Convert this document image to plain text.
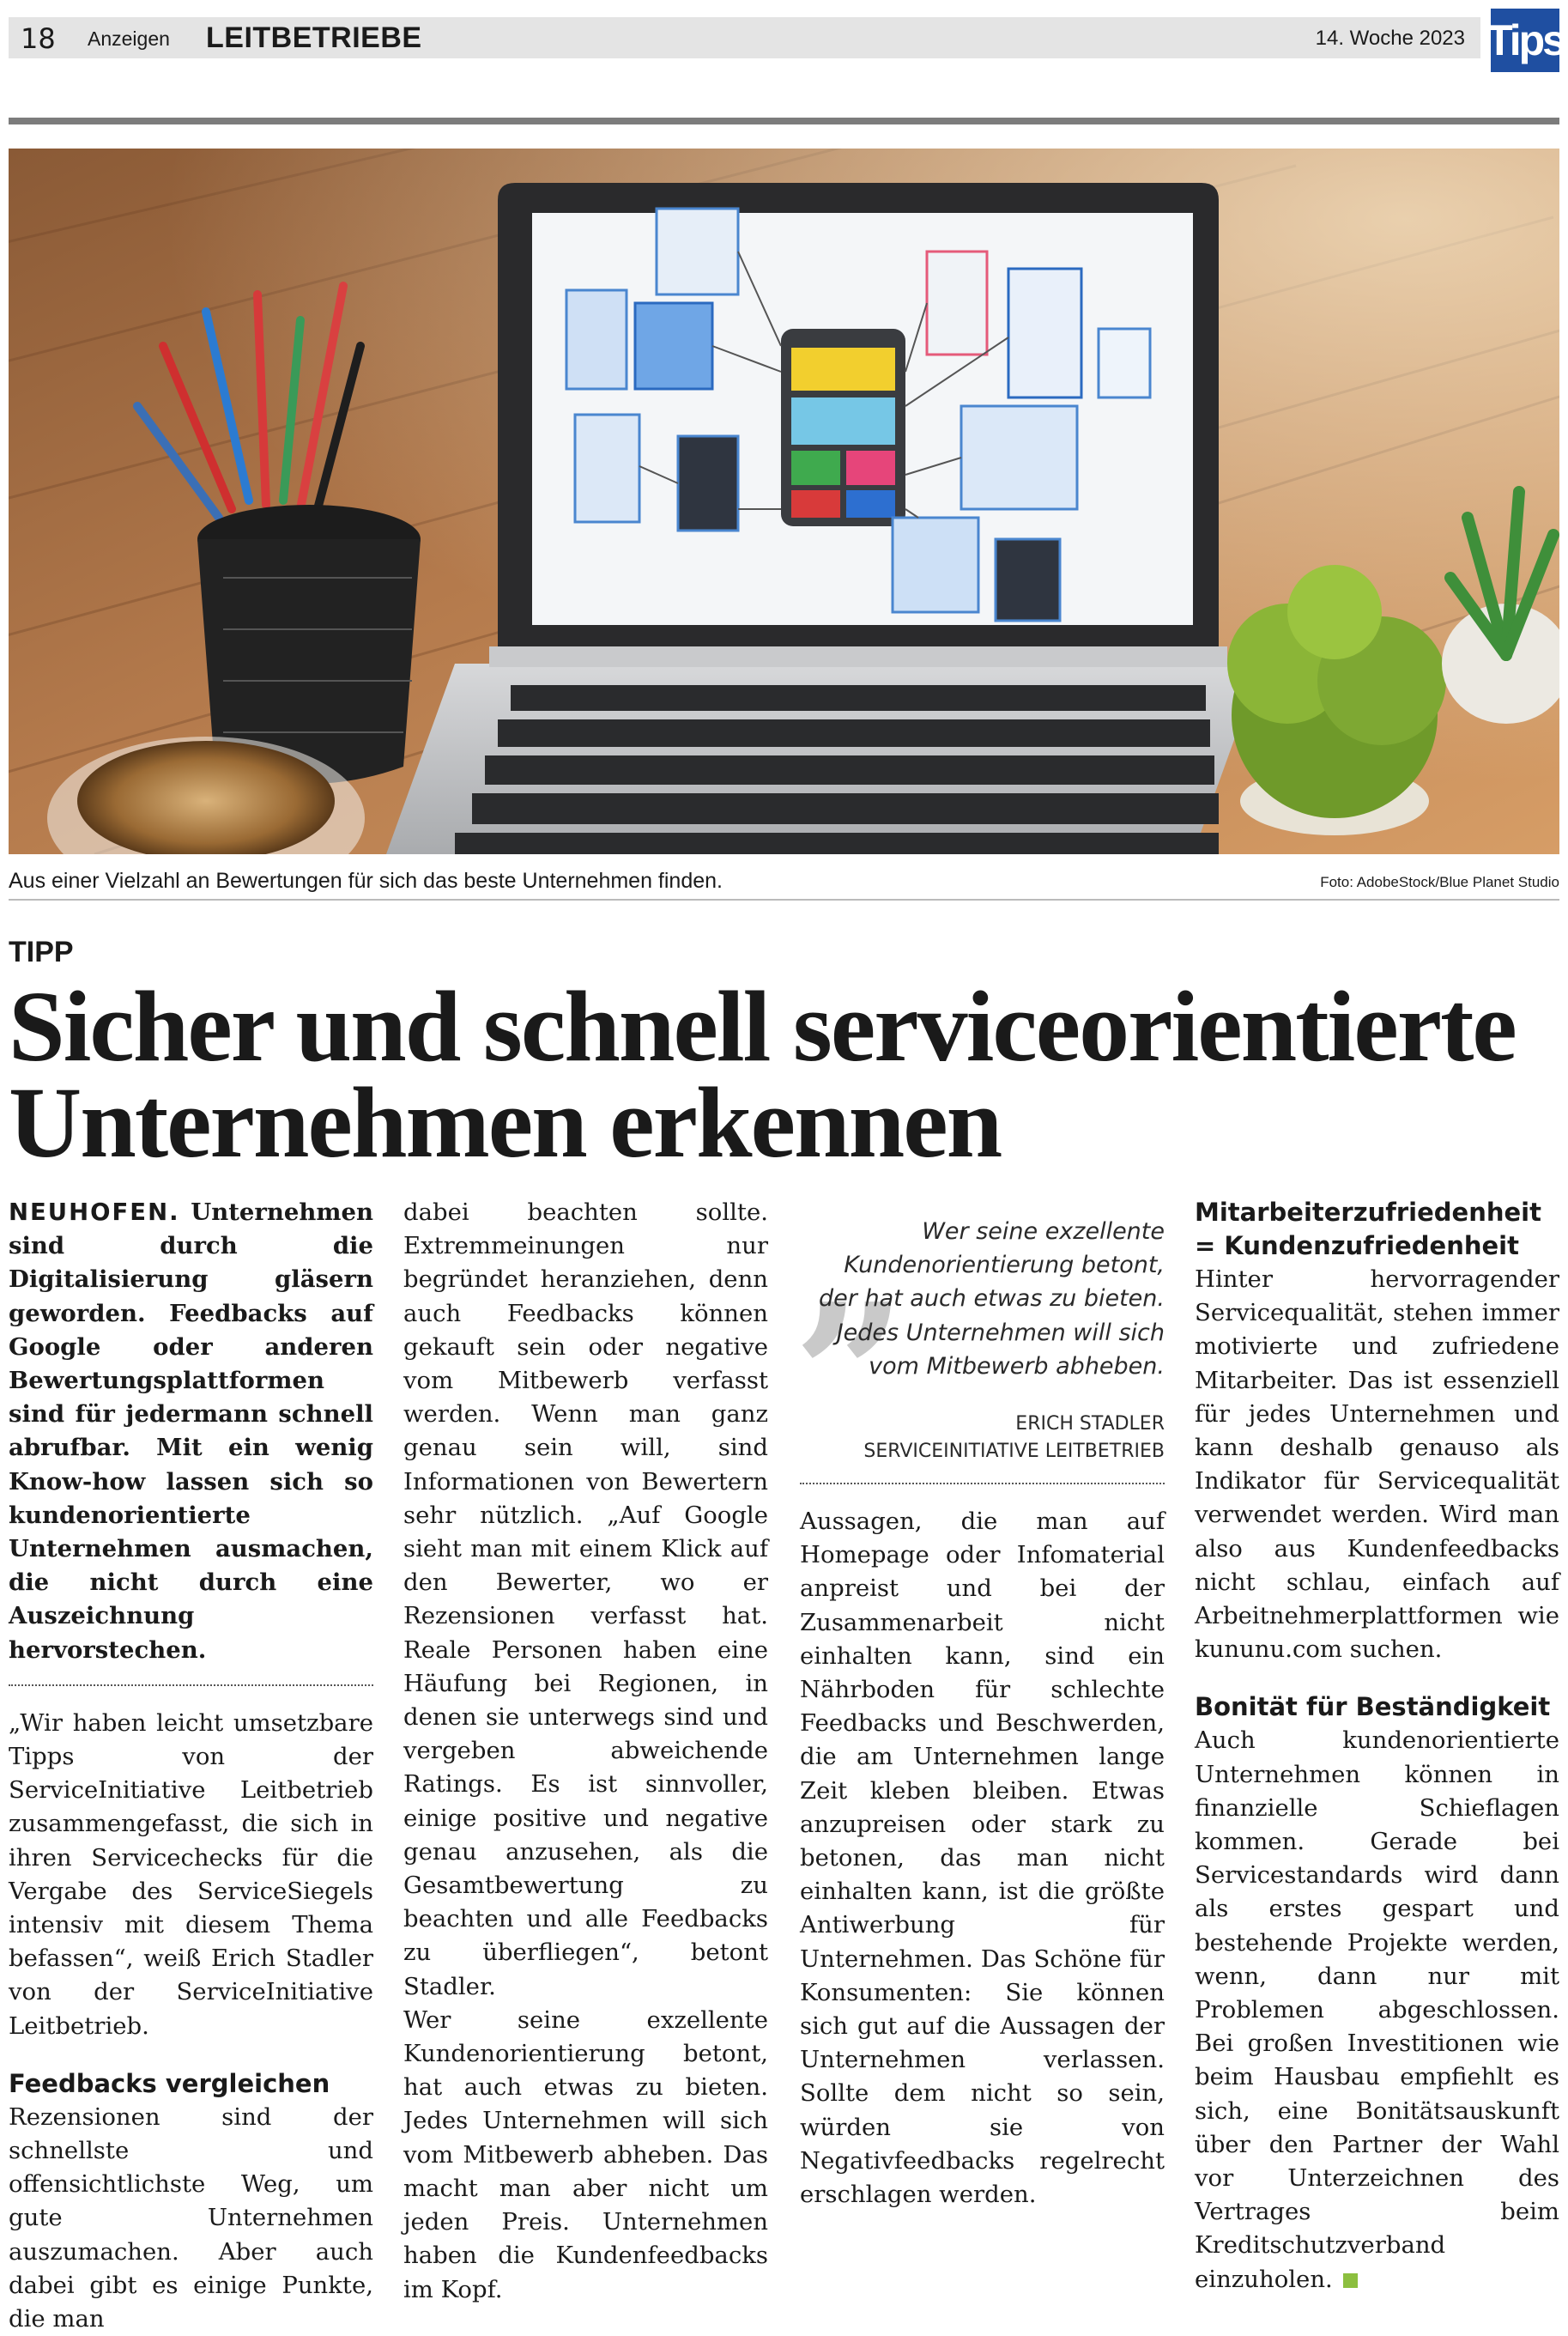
18 Anzeigen LEITBETRIEBE	14. Woche 2023 Tips
Aus einer Vielzahl an Bewertungen für sich das beste Unternehmen finden.	Foto: AdobeStock/Blue Planet Studio
TIPP
Sicher und schnell serviceorientierte Unternehmen erkennen

NEUHOFEN. Unternehmen sind durch die Digitalisierung gläsern geworden. Feedbacks auf Google oder anderen Bewertungsplattformen sind für jedermann schnell abrufbar. Mit ein wenig Know-how lassen sich so kundenorientierte Unternehmen ausmachen, die nicht durch eine Auszeichnung hervorstechen.

„Wir haben leicht umsetzbare Tipps von der ServiceInitiative Leitbetrieb zusammengefasst, die sich in ihren Servicechecks für die Vergabe des ServiceSiegels intensiv mit diesem Thema befassen“, weiß Erich Stadler von der ServiceInitiative Leitbetrieb.

Feedbacks vergleichen

Rezensionen sind der schnellste und offensichtlichste Weg, um gute Unternehmen auszumachen. Aber auch dabei gibt es einige Punkte, die man

dabei beachten sollte. Extremmeinungen nur begründet heranziehen, denn auch Feedbacks können gekauft sein oder negative vom Mitbewerb verfasst werden. Wenn man ganz genau sein will, sind Informationen von Bewertern sehr nützlich. „Auf Google sieht man mit einem Klick auf den Bewerter, wo er Rezensionen verfasst hat. Reale Personen haben eine Häufung bei Regionen, in denen sie unterwegs sind und vergeben abweichende Ratings. Es ist sinnvoller, einige positive und negative genau anzusehen, als die Gesamtbewertung zu beachten und alle Feedbacks zu überfliegen“, betont Stadler.

Wer seine exzellente Kundenorientierung betont, hat auch etwas zu bieten. Jedes Unternehmen will sich vom Mitbewerb abheben. Das macht man aber nicht um jeden Preis. Unternehmen haben die Kundenfeedbacks im Kopf.

„ Wer seine exzellente Kundenorientierung betont, der hat auch etwas zu bieten. Jedes Unternehmen will sich vom Mitbewerb abheben.
ERICH STADLER
SERVICEINITIATIVE LEITBETRIEB

Aussagen, die man auf Homepage oder Infomaterial anpreist und bei der Zusammenarbeit nicht einhalten kann, sind ein Nährboden für schlechte Feedbacks und Beschwerden, die am Unternehmen lange Zeit kleben bleiben. Etwas anzupreisen oder stark zu betonen, das man nicht einhalten kann, ist die größte Antiwerbung für Unternehmen. Das Schöne für Konsumenten: Sie können sich gut auf die Aussagen der Unternehmen verlassen. Sollte dem nicht so sein, würden sie von Negativfeedbacks regelrecht erschlagen werden.

Mitarbeiterzufriedenheit = Kundenzufriedenheit

Hinter hervorragender Servicequalität, stehen immer motivierte und zufriedene Mitarbeiter. Das ist essenziell für jedes Unternehmen und kann deshalb genauso als Indikator für Servicequalität verwendet werden. Wird man also aus Kundenfeedbacks nicht schlau, einfach auf Arbeitnehmerplattformen wie kununu.com suchen.

Bonität für Beständigkeit

Auch kundenorientierte Unternehmen können in finanzielle Schieflagen kommen. Gerade bei Servicestandards wird dann als erstes gespart und bestehende Projekte werden, wenn, dann nur mit Problemen abgeschlossen. Bei großen Investitionen wie beim Hausbau empfiehlt es sich, eine Bonitätsauskunft über den Partner der Wahl vor Unterzeichnen des Vertrages beim Kreditschutzverband einzuholen.
